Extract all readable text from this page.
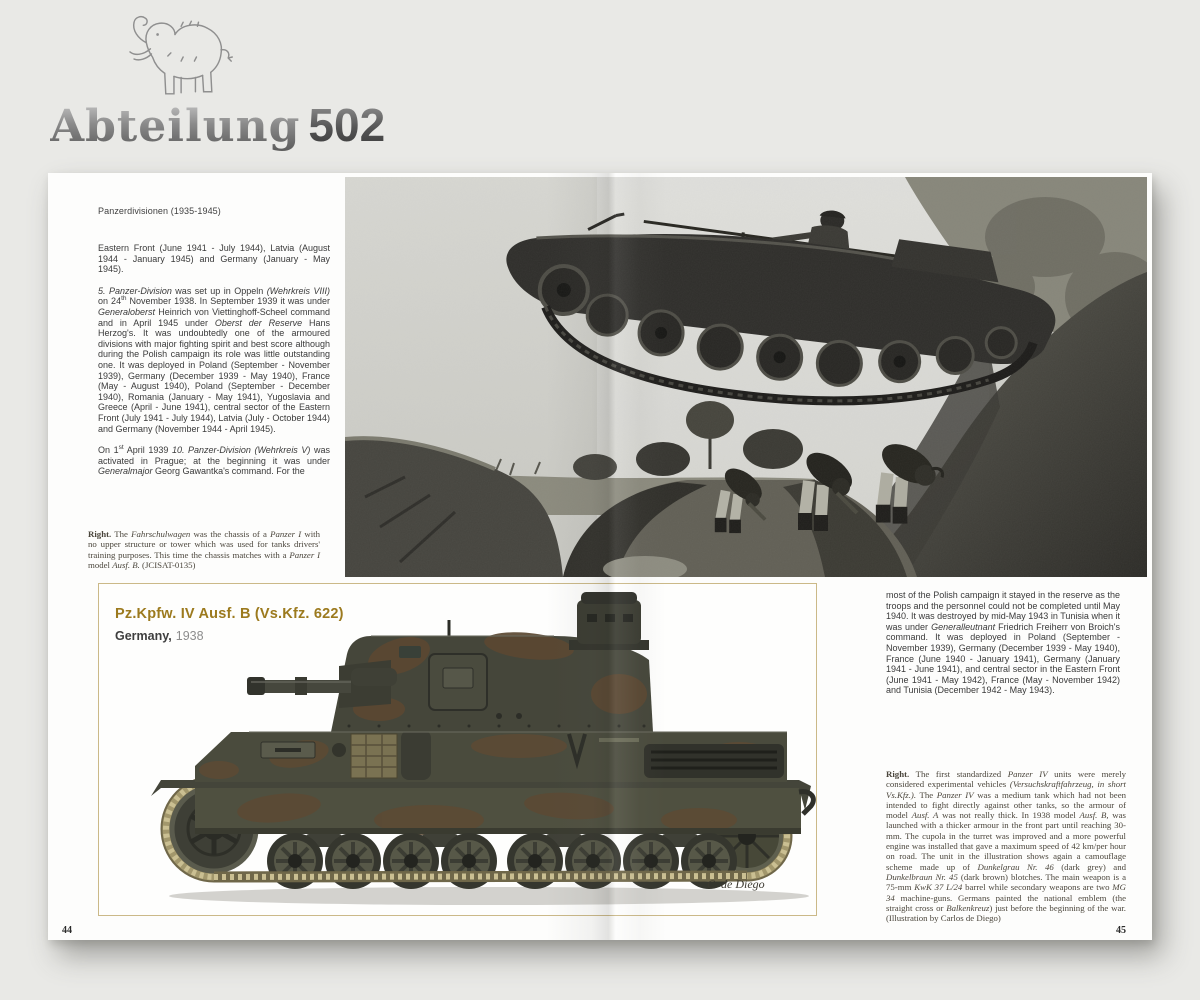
Abteilung 502
Panzerdivisionen (1935-1945)

Eastern Front (June 1941 - July 1944), Latvia (August 1944 - January 1945) and Germany (January - May 1945).

5. Panzer-Division was set up in Oppeln (Wehrkreis VIII) on 24th November 1938. In September 1939 it was under Generaloberst Heinrich von Viettinghoff-Scheel command and in April 1945 under Oberst der Reserve Hans Herzog's. It was undoubtedly one of the armoured divisions with major fighting spirit and best score although during the Polish campaign its role was little outstanding one. It was deployed in Poland (September - November 1939), Germany (December 1939 - May 1940), France (May - August 1940), Poland (September - December 1940), Romania (January - May 1941), Yugoslavia and Greece (April - June 1941), central sector of the Eastern Front (July 1941 - July 1944), Latvia (July - October 1944) and Germany (November 1944 - April 1945).

On 1st April 1939 10. Panzer-Division (Wehrkreis V) was activated in Prague; at the beginning it was under Generalmajor Georg Gawantka's command. For the

Right. The Fahrschulwagen was the chassis of a Panzer I with no upper structure or tower which was used for tanks drivers' training purposes. This time the chassis matches with a Panzer I model Ausf. B. (JCISAT-0135)
Pz.Kpfw. IV Ausf. B (Vs.Kfz. 622)
Germany, 1938
C. de Diego

most of the Polish campaign it stayed in the reserve as the troops and the personnel could not be completed until May 1940. It was destroyed by mid-May 1943 in Tunisia when it was under Generalleutnant Friedrich Freiherr von Broich's command. It was deployed in Poland (September - November 1939), Germany (December 1939 - May 1940), France (June 1940 - January 1941), Germany (January 1941 - June 1941), and central sector in the Eastern Front (June 1941 - May 1942), France (May - November 1942) and Tunisia (December 1942 - May 1943).

Right. The first standardized Panzer IV units were merely considered experimental vehicles (Versuchskraftfahrzeug, in short Vs.Kfz.). The Panzer IV was a medium tank which had not been intended to fight directly against other tanks, so the armour of model Ausf. A was not really thick. In 1938 model Ausf. B, was launched with a thicker armour in the front part until reaching 30-mm. The cupola in the turret was improved and a more powerful engine was installed that gave a maximum speed of 42 km/per hour on road. The unit in the illustration shows again a camouflage scheme made up of Dunkelgrau Nr. 46 (dark grey) and Dunkelbraun Nr. 45 (dark brown) blotches. The main weapon is a 75-mm KwK 37 L/24 barrel while secondary weapons are two MG 34 machine-guns. Germans painted the national emblem (the straight cross or Balkenkreuz) just before the beginning of the war. (Illustration by Carlos de Diego)
44	45
